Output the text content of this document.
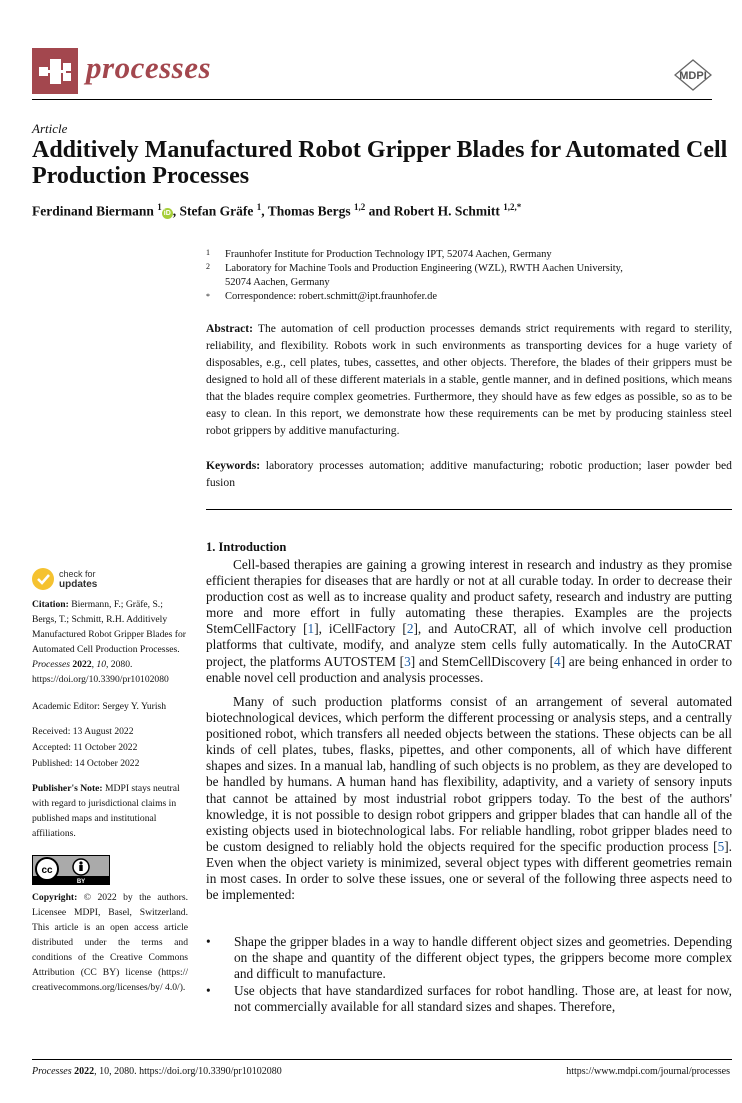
processes	MDPI
Article
Additively Manufactured Robot Gripper Blades for Automated Cell Production Processes
Ferdinand Biermann $^1$iD , Stefan Gräfe $^1$, Thomas Bergs $^{1,2}$ and Robert H. Schmitt $^{1,2,*}$
1 Fraunhofer Institute for Production Technology IPT, 52074 Aachen, Germany
2 Laboratory for Machine Tools and Production Engineering (WZL), RWTH Aachen University,
52074 Aachen, Germany
* Correspondence: robert.schmitt@ipt.fraunhofer.de
Abstract: The automation of cell production processes demands strict requirements with regard to sterility, reliability, and flexibility. Robots work in such environments as transporting devices for a huge variety of disposables, e.g., cell plates, tubes, cassettes, and other objects. Therefore, the blades of their grippers must be designed to hold all of these different materials in a stable, gentle manner, and in defined positions, which means that the blades require complex geometries. Furthermore, they should have as few edges as possible, so as to be easy to clean. In this report, we demonstrate how these requirements can be met by producing stainless steel robot grippers by additive manufacturing.
Keywords: laboratory processes automation; additive manufacturing; robotic production; laser powder bed fusion
1. Introduction
Cell-based therapies are gaining a growing interest in research and industry as they promise efficient therapies for diseases that are hardly or not at all curable today. In order to decrease their production cost as well as to increase quality and product safety, research and industry are putting more and more effort in fully automating these therapies. Examples are the projects StemCellFactory [1], iCellFactory [2], and AutoCRAT, all of which involve cell production platforms that cultivate, modify, and analyze stem cells fully automatically. In the AutoCRAT project, the platforms AUTOSTEM [3] and StemCellDiscovery [4] are being enhanced in order to enable novel cell production and analysis processes.
Many of such production platforms consist of an arrangement of several automated biotechnological devices, which perform the different processing or analysis steps, and a centrally positioned robot, which transfers all needed objects between the stations. These objects can be all kinds of cell plates, tubes, flasks, pipettes, and other components, all of which have different shapes and sizes. In a manual lab, handling of such objects is no problem, as they are developed to be handled by humans. A human hand has flexibility, adaptivity, and a variety of sensory inputs that cannot be attained by most industrial robot grippers today. To the best of the authors' knowledge, it is not possible to design robot grippers and gripper blades that can handle all of the existing objects used in biotechnological labs. For reliable handling, robot gripper blades need to be custom designed to reliably hold the objects required for the specific production process [5]. Even when the object variety is minimized, several object types with different geometries remain in most cases. In order to solve these issues, one or several of the following three aspects need to be implemented:
• Shape the gripper blades in a way to handle different object sizes and geometries. Depending on the shape and quantity of the different object types, the grippers become more complex and difficult to manufacture.
• Use objects that have standardized surfaces for robot handling. Those are, at least for now, not commercially available for all standard sizes and shapes. Therefore,
check for
updates
Citation: Biermann, F.; Gräfe, S.; Bergs, T.; Schmitt, R.H. Additively Manufactured Robot Gripper Blades for Automated Cell Production Processes. Processes 2022, 10, 2080. https://doi.org/10.3390/pr10102080
Academic Editor: Sergey Y. Yurish
Received: 13 August 2022
Accepted: 11 October 2022
Published: 14 October 2022
Publisher's Note: MDPI stays neutral with regard to jurisdictional claims in published maps and institutional affiliations.
cc
BY
Copyright: © 2022 by the authors. Licensee MDPI, Basel, Switzerland. This article is an open access article distributed under the terms and conditions of the Creative Commons Attribution (CC BY) license (https:// creativecommons.org/licenses/by/ 4.0/).
Processes 2022, 10, 2080. https://doi.org/10.3390/pr10102080	https://www.mdpi.com/journal/processes
